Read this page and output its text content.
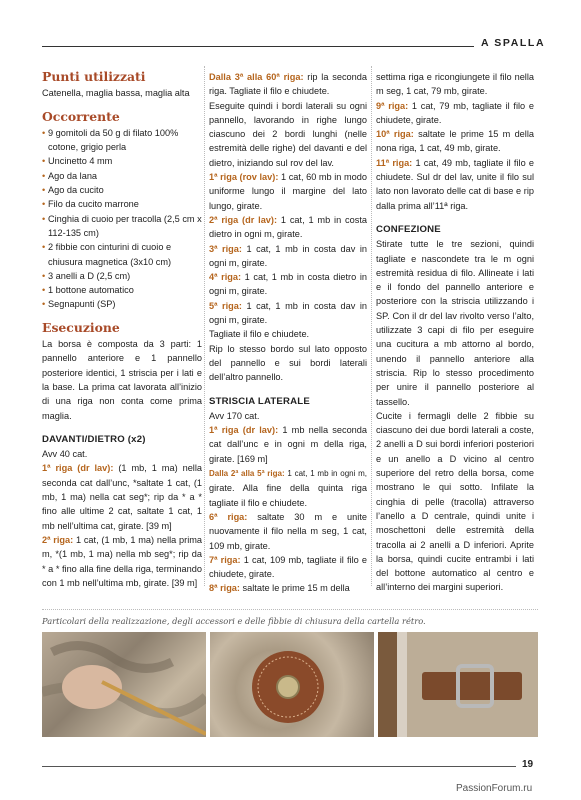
A SPALLA
Punti utilizzati

Catenella, maglia bassa, maglia alta

Occorrente
• 9 gomitoli da 50 g di filato 100% cotone, grigio perla
• Uncinetto 4 mm
• Ago da lana
• Ago da cucito
• Filo da cucito marrone
• Cinghia di cuoio per tracolla (2,5 cm x 112-135 cm)
• 2 fibbie con cinturini di cuoio e chiusura magnetica (3x10 cm)
• 3 anelli a D (2,5 cm)
• 1 bottone automatico
• Segnapunti (SP)
Esecuzione

La borsa è composta da 3 parti: 1 pannello anteriore e 1 pannello posteriore identici, 1 striscia per i lati e la base. La prima cat lavorata all’inizio di una riga non conta come prima maglia.

DAVANTI/DIETRO (x2)

Avv 40 cat.

1ª riga (dr lav): (1 mb, 1 ma) nella seconda cat dall’unc, *saltate 1 cat, (1 mb, 1 ma) nella cat seg*; rip da * a * fino alle ultime 2 cat, saltate 1 cat, 1 mb nell’ultima cat, girate. [39 m]

2ª riga: 1 cat, (1 mb, 1 ma) nella prima m, *(1 mb, 1 ma) nella mb seg*; rip da * a * fino alla fine della riga, terminando con 1 mb nell’ultima mb, girate. [39 m]

Dalla 3ª alla 60ª riga: rip la seconda riga. Tagliate il filo e chiudete.

Eseguite quindi i bordi laterali su ogni pannello, lavorando in righe lungo ciascuno dei 2 bordi lunghi (nelle estremità delle righe) del davanti e del dietro, iniziando sul rov del lav.

1ª riga (rov lav): 1 cat, 60 mb in modo uniforme lungo il margine del lato lungo, girate.

2ª riga (dr lav): 1 cat, 1 mb in costa dietro in ogni m, girate.

3ª riga: 1 cat, 1 mb in costa dav in ogni m, girate.

4ª riga: 1 cat, 1 mb in costa dietro in ogni m, girate.

5ª riga: 1 cat, 1 mb in costa dav in ogni m, girate.

Tagliate il filo e chiudete.

Rip lo stesso bordo sul lato opposto del pannello e sui bordi laterali dell’altro pannello.

STRISCIA LATERALE

Avv 170 cat.

1ª riga (dr lav): 1 mb nella seconda cat dall’unc e in ogni m della riga, girate. [169 m]

Dalla 2ª alla 5ª riga: 1 cat, 1 mb in ogni m, girate. Alla fine della quinta riga tagliate il filo e chiudete.

6ª riga: saltate 30 m e unite nuovamente il filo nella m seg, 1 cat, 109 mb, girate.

7ª riga: 1 cat, 109 mb, tagliate il filo e chiudete, girate.

8ª riga: saltate le prime 15 m della

settima riga e ricongiungete il filo nella m seg, 1 cat, 79 mb, girate.

9ª riga: 1 cat, 79 mb, tagliate il filo e chiudete, girate.

10ª riga: saltate le prime 15 m della nona riga, 1 cat, 49 mb, girate.

11ª riga: 1 cat, 49 mb, tagliate il filo e chiudete. Sul dr del lav, unite il filo sul lato non lavorato delle cat di base e rip dalla prima all’11ª riga.

CONFEZIONE

Stirate tutte le tre sezioni, quindi tagliate e nascondete tra le m ogni estremità residua di filo. Allineate i lati e il fondo del pannello anteriore e posteriore con la striscia utilizzando i SP. Con il dr del lav rivolto verso l’alto, utilizzate 3 capi di filo per eseguire una cucitura a mb attorno al bordo, unendo il pannello anteriore alla striscia. Rip lo stesso procedimento per unire il pannello posteriore al tassello.

Cucite i fermagli delle 2 fibbie su ciascuno dei due bordi laterali a coste, 2 anelli a D sui bordi inferiori posteriori e un anello a D vicino al centro superiore del retro della borsa, come mostrano le qui sotto. Infilate la cinghia di pelle (tracolla) attraverso l’anello a D centrale, quindi unite i moschettoni delle estremità della tracolla ai 2 anelli a D inferiori. Aprite la borsa, quindi cucite entrambi i lati del bottone automatico al centro e all’interno dei margini superiori.

Particolari della realizzazione, degli accessori e delle fibbie di chiusura della cartella rétro.
19
PassionForum.ru
